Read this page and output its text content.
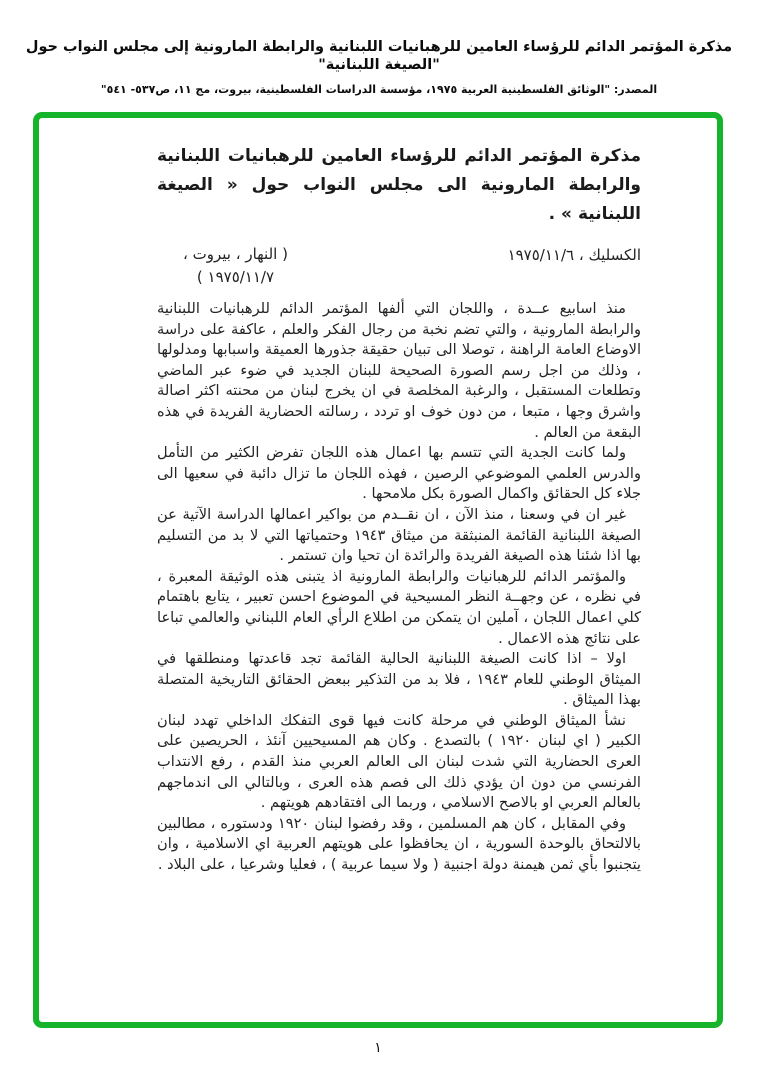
مذكرة المؤتمر الدائم للرؤساء العامين للرهبانيات اللبنانية والرابطة المارونية إلى مجلس النواب حول "الصيغة اللبنانية"
المصدر: "الوثائق الفلسطينية العربية ١٩٧٥، مؤسسة الدراسات الفلسطينية، بيروت، مج ١١، ص٥٣٧- ٥٤١"
مذكرة المؤتمر الدائم للرؤساء العامين للرهبانيات اللبنانية والرابطة المارونية الى مجلس النواب حول « الصيغة اللبنانية » .
الكسليك ، ١٩٧٥/١١/٦
( النهار ، بيروت ،
١٩٧٥/١١/٧ )

منذ اسابيع عــدة ، واللجان التي ألفها المؤتمر الدائم للرهبانيات اللبنانية والرابطة المارونية ، والتي تضم نخبة من رجال الفكر والعلم ، عاكفة على دراسة الاوضاع العامة الراهنة ، توصلا الى تبيان حقيقة جذورها العميقة واسبابها ومدلولها ، وذلك من اجل رسم الصورة الصحيحة للبنان الجديد في ضوء عبر الماضي وتطلعات المستقبل ، والرغبة المخلصة في ان يخرج لبنان من محنته اكثر اصالة واشرق وجها ، متبعا ، من دون خوف او تردد ، رسالته الحضارية الفريدة في هذه البقعة من العالم .

ولما كانت الجدية التي تتسم بها اعمال هذه اللجان تفرض الكثير من التأمل والدرس العلمي الموضوعي الرصين ، فهذه اللجان ما تزال دائبة في سعيها الى جلاء كل الحقائق واكمال الصورة بكل ملامحها .

غير ان في وسعنا ، منذ الآن ، ان نقــدم من بواكير اعمالها الدراسة الآتية عن الصيغة اللبنانية القائمة المنبثقة من ميثاق ١٩٤٣ وحتمياتها التي لا بد من التسليم بها اذا شئنا هذه الصيغة الفريدة والرائدة ان تحيا وان تستمر .

والمؤتمر الدائم للرهبانيات والرابطة المارونية اذ يتبنى هذه الوثيقة المعبرة ، في نظره ، عن وجهــة النظر المسيحية في الموضوع احسن تعبير ، يتابع باهتمام كلي اعمال اللجان ، آملين ان يتمكن من اطلاع الرأي العام اللبناني والعالمي تباعا على نتائج هذه الاعمال .

اولا – اذا كانت الصيغة اللبنانية الحالية القائمة تجد قاعدتها ومنطلقها في الميثاق الوطني للعام ١٩٤٣ ، فلا بد من التذكير ببعض الحقائق التاريخية المتصلة بهذا الميثاق .

نشأ الميثاق الوطني في مرحلة كانت فيها قوى التفكك الداخلي تهدد لبنان الكبير ( اي لبنان ١٩٢٠ ) بالتصدع . وكان هم المسيحيين آنئذ ، الحريصين على العرى الحضارية التي شدت لبنان الى العالم العربي منذ القدم ، رفع الانتداب الفرنسي من دون ان يؤدي ذلك الى فصم هذه العرى ، وبالتالي الى اندماجهم بالعالم العربي او بالاصح الاسلامي ، وربما الى افتقادهم هويتهم .

وفي المقابل ، كان هم المسلمين ، وقد رفضوا لبنان ١٩٢٠ ودستوره ، مطالبين بالالتحاق بالوحدة السورية ، ان يحافظوا على هويتهم العربية اي الاسلامية ، وان يتجنبوا بأي ثمن هيمنة دولة اجنبية ( ولا سيما عربية ) ، فعليا وشرعيا ، على البلاد .

١
